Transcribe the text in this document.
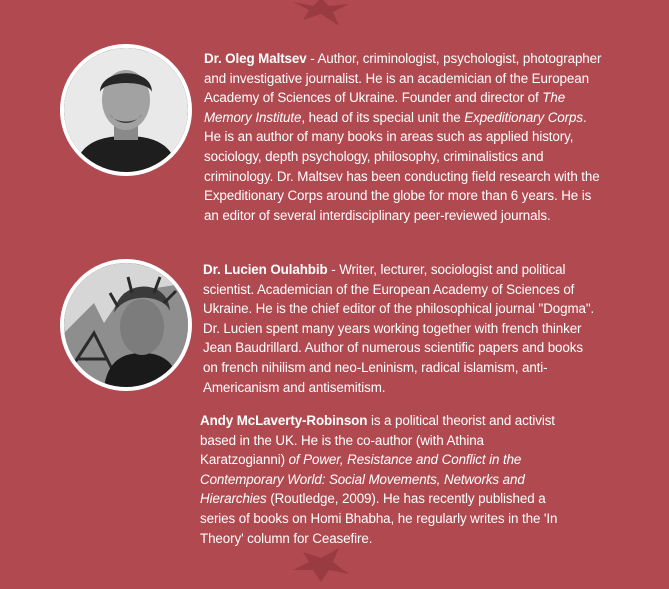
Dr. Oleg Maltsev - Author, criminologist, psychologist, photographer and investigative journalist. He is an academician of the European Academy of Sciences of Ukraine. Founder and director of The Memory Institute, head of its special unit the Expeditionary Corps. He is an author of many books in areas such as applied history, sociology, depth psychology, philosophy, criminalistics and criminology. Dr. Maltsev has been conducting field research with the Expeditionary Corps around the globe for more than 6 years. He is an editor of several interdisciplinary peer-reviewed journals.

Dr. Lucien Oulahbib - Writer, lecturer, sociologist and political scientist. Academician of the European Academy of Sciences of Ukraine. He is the chief editor of the philosophical journal "Dogma". Dr. Lucien spent many years working together with french thinker Jean Baudrillard. Author of numerous scientific papers and books on french nihilism and neo-Leninism, radical islamism, anti-Americanism and antisemitism.

Andy McLaverty-Robinson is a political theorist and activist based in the UK. He is the co-author (with Athina Karatzogianni) of Power, Resistance and Conflict in the Contemporary World: Social Movements, Networks and Hierarchies (Routledge, 2009). He has recently published a series of books on Homi Bhabha, he regularly writes in the 'In Theory' column for Ceasefire.
